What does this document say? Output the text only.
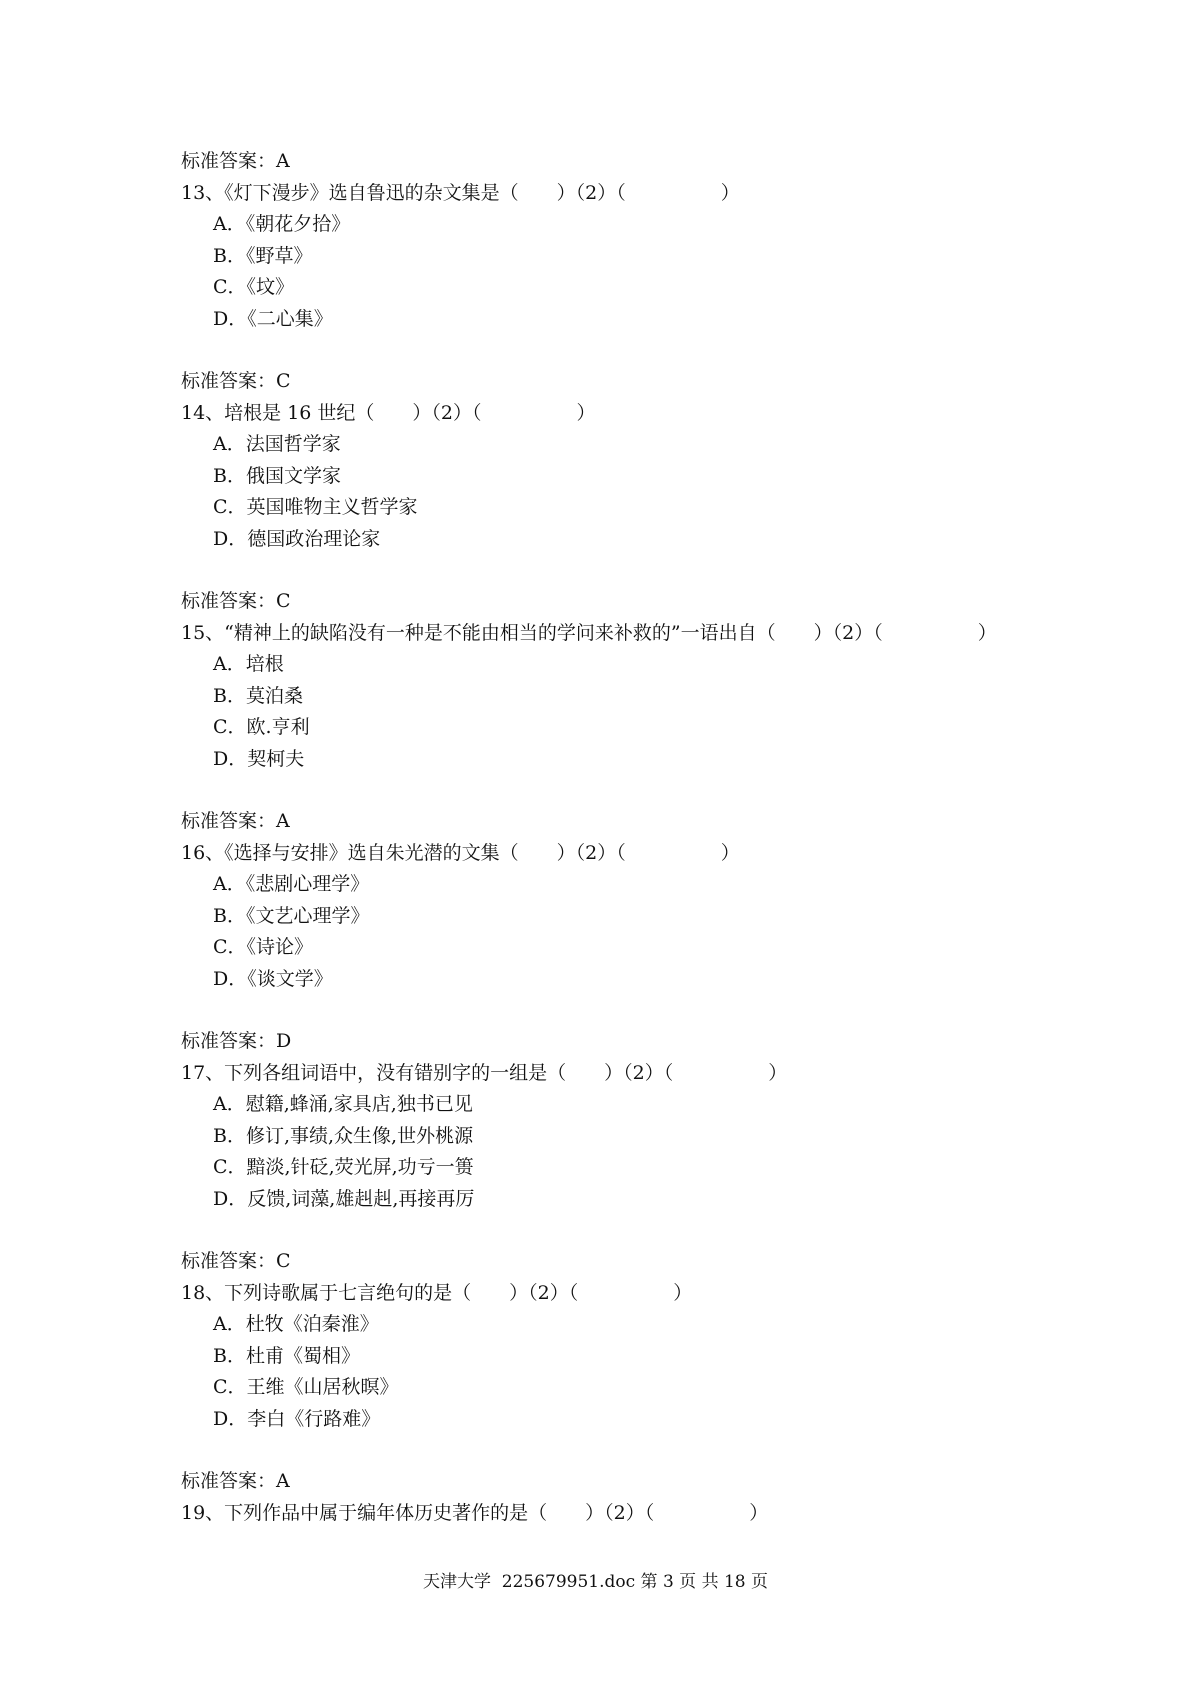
标准答案：A
13、《灯下漫步》选自鲁迅的杂文集是（　　）（2）（　　　　　）
A．《朝花夕拾》
B．《野草》
C．《坟》
D．《二心集》
标准答案：C
14、培根是 16 世纪（　　）（2）（　　　　　）
A．法国哲学家
B．俄国文学家
C．英国唯物主义哲学家
D．德国政治理论家
标准答案：C
15、“精神上的缺陷没有一种是不能由相当的学问来补救的”一语出自（　　）（2）（　　　　　）
A．培根
B．莫泊桑
C．欧.亨利
D．契柯夫
标准答案：A
16、《选择与安排》选自朱光潜的文集（　　）（2）（　　　　　）
A．《悲剧心理学》
B．《文艺心理学》
C．《诗论》
D．《谈文学》
标准答案：D
17、下列各组词语中，没有错别字的一组是（　　）（2）（　　　　　）
A．慰籍,蜂涌,家具店,独书已见
B．修订,事绩,众生像,世外桃源
C．黯淡,针砭,荧光屏,功亏一篑
D．反馈,词藻,雄赳赳,再接再厉
标准答案：C
18、下列诗歌属于七言绝句的是（　　）（2）（　　　　　）
A．杜牧《泊秦淮》
B．杜甫《蜀相》
C．王维《山居秋暝》
D．李白《行路难》
标准答案：A
19、下列作品中属于编年体历史著作的是（　　）（2）（　　　　　）
天津大学  225679951.doc 第 3 页 共 18 页
